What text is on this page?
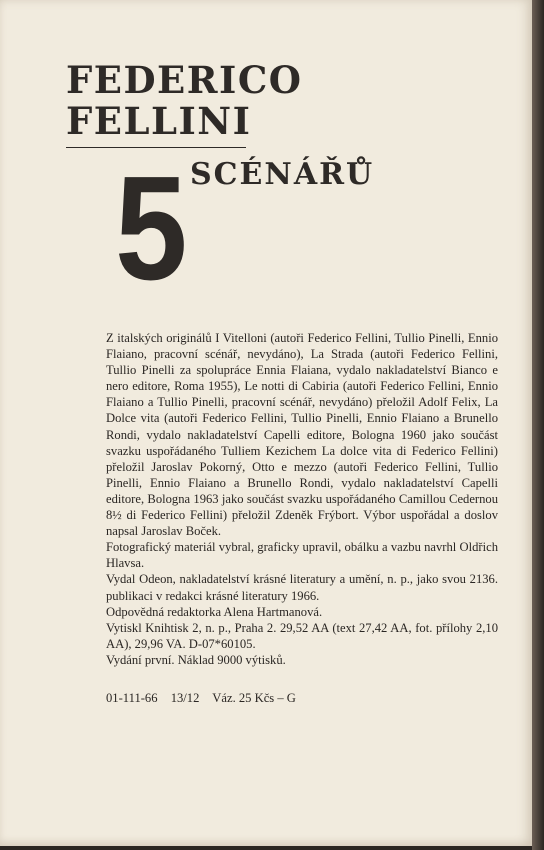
FEDERICO
FELLINI
5 SCÉNÁŘŮ

Z italských originálů I Vitelloni (autoři Federico Fellini, Tullio Pinelli, Ennio Flaiano, pracovní scénář, nevydáno), La Strada (autoři Federico Fellini, Tullio Pinelli za spolupráce Ennia Flaiana, vydalo nakladatelství Bianco e nero editore, Roma 1955), Le notti di Cabiria (autoři Federico Fellini, Ennio Flaiano a Tullio Pinelli, pracovní scénář, nevydáno) přeložil Adolf Felix, La Dolce vita (autoři Federico Fellini, Tullio Pinelli, Ennio Flaiano a Brunello Rondi, vydalo nakladatelství Capelli editore, Bologna 1960 jako součást svazku uspořádaného Tulliem Kezichem La dolce vita di Federico Fellini) přeložil Jaroslav Pokorný, Otto e mezzo (autoři Federico Fellini, Tullio Pinelli, Ennio Flaiano a Brunello Rondi, vydalo nakladatelství Capelli editore, Bologna 1963 jako součást svazku uspořádaného Camillou Cedernou 8½ di Federico Fellini) přeložil Zdeněk Frýbort. Výbor uspořádal a doslov napsal Jaroslav Boček.

Fotografický materiál vybral, graficky upravil, obálku a vazbu navrhl Oldřich Hlavsa.

Vydal Odeon, nakladatelství krásné literatury a umění, n. p., jako svou 2136. publikaci v redakci krásné literatury 1966.

Odpovědná redaktorka Alena Hartmanová.

Vytiskl Knihtisk 2, n. p., Praha 2. 29,52 AA (text 27,42 AA, fot. přílohy 2,10 AA), 29,96 VA. D-07*60105.

Vydání první. Náklad 9000 výtisků.

01-111-66 13/12 Váz. 25 Kčs – G
